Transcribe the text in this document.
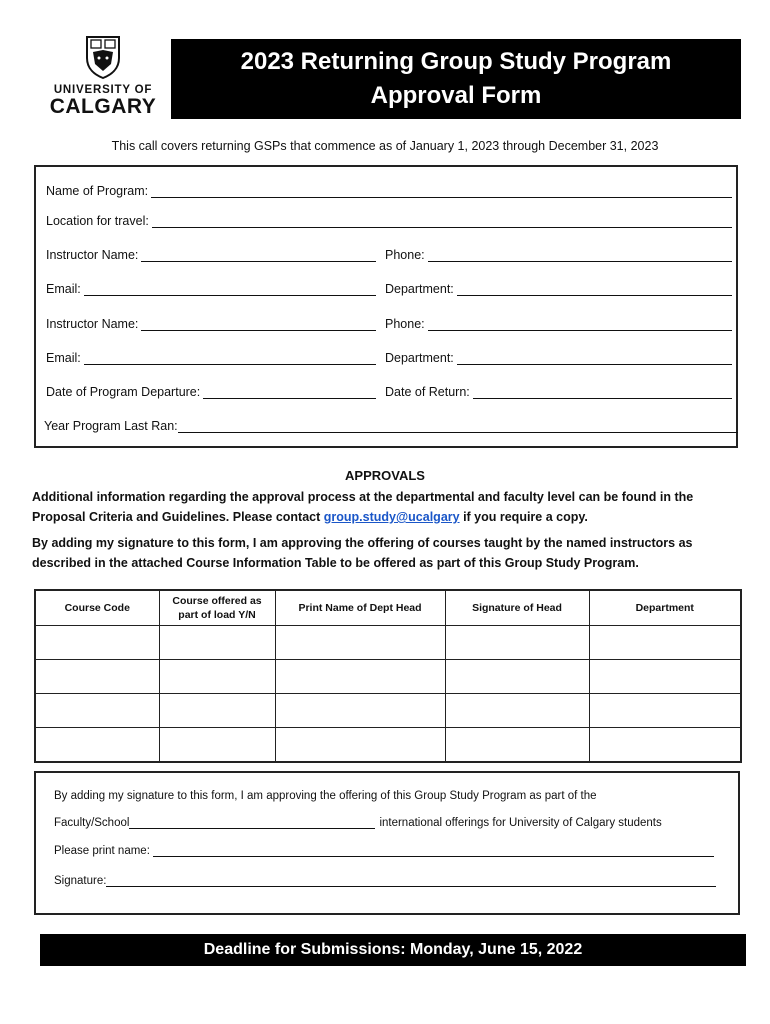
UNIVERSITY OF
CALGARY
2023 Returning Group Study Program
Approval Form
This call covers returning GSPs that commence as of January 1, 2023 through December 31, 2023
Name of Program:
Location for travel:
Instructor Name:	Phone:
Email:	Department:
Instructor Name:	Phone:
Email:	Department:
Date of Program Departure:	Date of Return:
Year Program Last Ran:
APPROVALS
Additional information regarding the approval process at the departmental and faculty level can be found in the Proposal Criteria and Guidelines. Please contact group.study@ucalgary if you require a copy.
By adding my signature to this form, I am approving the offering of courses taught by the named instructors as described in the attached Course Information Table to be offered as part of this Group Study Program.
Course Code	Course offered as part of load Y/N	Print Name of Dept Head	Signature of Head	Department

By adding my signature to this form, I am approving the offering of this Group Study Program as part of the
Faculty/School	international offerings for University of Calgary students
Please print name:
Signature:
Deadline for Submissions: Monday, June 15, 2022
